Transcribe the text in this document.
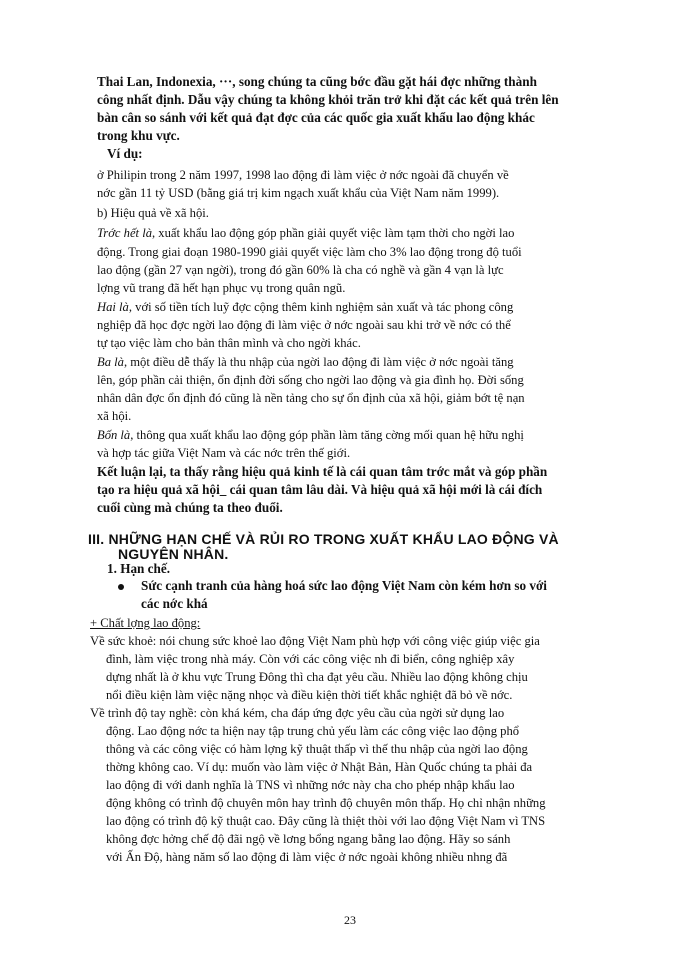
Thai Lan, Indonexia, ···, song chúng ta cũng bớc đầu gặt hái đợc những thành
công nhất định. Dẫu vậy chúng ta không khỏi trăn trở khi đặt các kết quả trên lên
bàn cân so sánh với kết quả đạt đợc của các quốc gia xuất khẩu lao động khác
trong khu vực.
Ví dụ:
ở Philipin trong 2 năm 1997, 1998 lao động đi làm việc ở nớc ngoài đã chuyển về
nớc gần 11 tỷ USD (bằng giá trị kim ngạch xuất khẩu của Việt Nam năm 1999).
b) Hiệu quả về xã hội.
Trớc hết là, xuất khẩu lao động góp phần giải quyết việc làm tạm thời cho ngời lao
động. Trong giai đoạn 1980-1990 giải quyết việc làm cho 3% lao động trong độ tuổi
lao động (gần 27 vạn ngời), trong đó gần 60% là cha có nghề và gần 4 vạn là lực
lợng vũ trang đã hết hạn phục vụ trong quân ngũ.
Hai là, với số tiền tích luỹ đợc cộng thêm kinh nghiệm sản xuất và tác phong công
nghiệp đã học đợc ngời lao động đi làm việc ở nớc ngoài sau khi trở về nớc có thể
tự tạo việc làm cho bản thân mình và cho ngời khác.
Ba là, một điều dễ thấy là thu nhập của ngời lao động đi làm việc ở nớc ngoài tăng
lên, góp phần cải thiện, ổn định đời sống cho ngời lao động và gia đình họ. Đời sống
nhân dân đợc ổn định đó cũng là nền tảng cho sự ổn định của xã hội, giảm bớt tệ nạn
xã hội.
Bốn là, thông qua xuất khẩu lao động góp phần làm tăng cờng mối quan hệ hữu nghị
và hợp tác giữa Việt Nam và các nớc trên thế giới.
Kết luận lại, ta thấy rằng hiệu quả kinh tế là cái quan tâm trớc mắt và góp phần
tạo ra hiệu quả xã hội_ cái quan tâm lâu dài. Và hiệu quả xã hội mới là cái đích
cuối cùng mà chúng ta theo đuổi.
III. NHỮNG HẠN CHẾ VÀ RỦI RO TRONG XUẤT KHẨU LAO ĐỘNG VÀ
NGUYÊN NHÂN.
1. Hạn chế.
Sức cạnh tranh của hàng hoá sức lao động Việt Nam còn kém hơn so với
các nớc khá
+ Chất lợng lao động:
Về sức khoẻ: nói chung sức khoẻ lao động Việt Nam phù hợp với công việc giúp việc gia
đình, làm việc trong nhà máy. Còn với các công việc nh đi biển, công nghiệp xây
dựng nhất là ở khu vực Trung Đông thì cha đạt yêu cầu. Nhiều lao động không chịu
nổi điều kiện làm việc nặng nhọc và điều kiện thời tiết khắc nghiệt đã bỏ về nớc.
Về trình độ tay nghề: còn khá kém, cha đáp ứng đợc yêu cầu của ngời sử dụng lao
động. Lao động nớc ta hiện nay tập trung chủ yếu làm các công việc lao động phổ
thông và các công việc có hàm lợng kỹ thuật thấp vì thế thu nhập của ngời lao động
thờng không cao. Ví dụ: muốn vào làm việc ở Nhật Bản, Hàn Quốc chúng ta phải đa
lao động đi với danh nghĩa là TNS vì những nớc này cha cho phép nhập khẩu lao
động không có trình độ chuyên môn hay trình độ chuyên môn thấp. Họ chỉ nhận những
lao động có trình độ kỹ thuật cao. Đây cũng là thiệt thòi với lao động Việt Nam vì TNS
không đợc hởng chế độ đãi ngộ về lơng bổng ngang bằng lao động. Hãy so sánh
với Ấn Độ, hàng năm số lao động đi làm việc ở nớc ngoài không nhiều nhng đã
23
